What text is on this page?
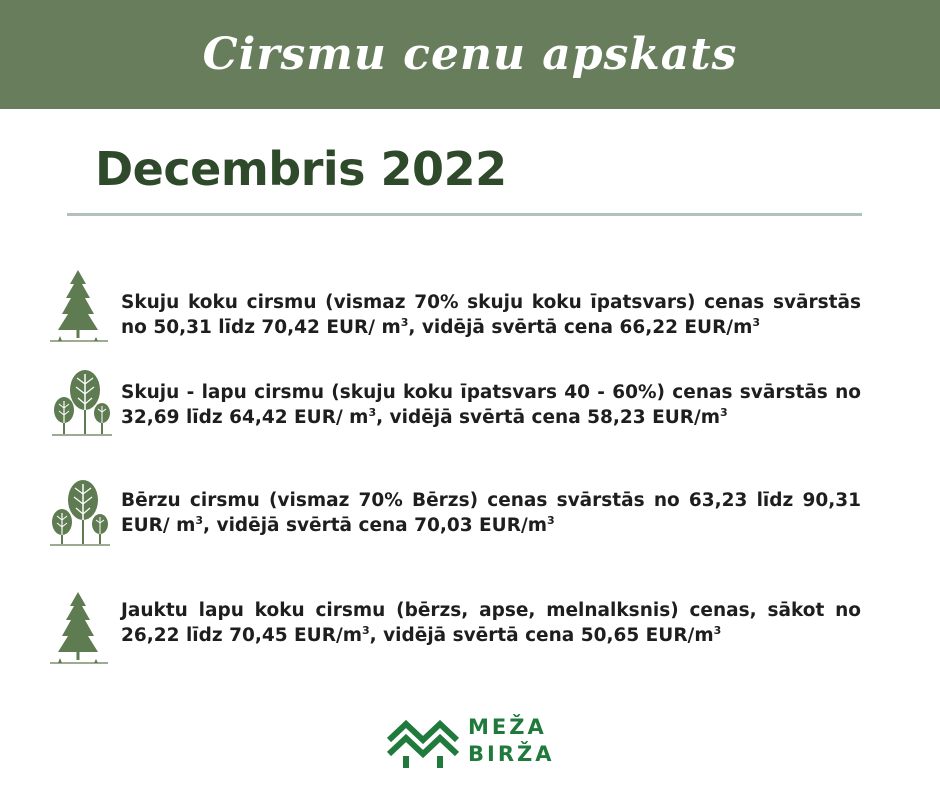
Cirsmu cenu apskats
Decembris 2022
Skuju koku cirsmu (vismaz 70% skuju koku īpatsvars) cenas svārstās no 50,31 līdz 70,42 EUR/ $m^3$, vidējā svērtā cena 66,22 EUR/$m^3$
Skuju - lapu cirsmu (skuju koku īpatsvars 40 - 60%) cenas svārstās no 32,69 līdz 64,42 EUR/ $m^3$, vidējā svērtā cena 58,23 EUR/$m^3$
Bērzu cirsmu (vismaz 70% Bērzs) cenas svārstās no 63,23 līdz 90,31 EUR/ $m^3$, vidējā svērtā cena 70,03 EUR/$m^3$
Jauktu lapu koku cirsmu (bērzs, apse, melnalksnis) cenas, sākot no 26,22 līdz 70,45 EUR/$m^3$, vidējā svērtā cena 50,65 EUR/$m^3$
MEŽA
BIRŽA
